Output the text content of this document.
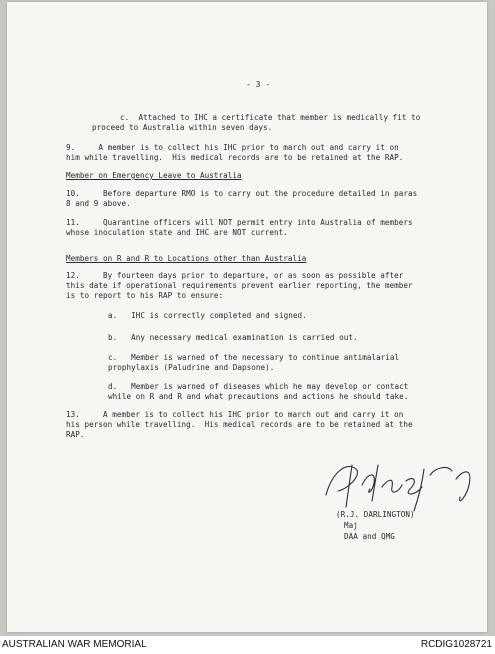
- 3 -
c.  Attached to IHC a certificate that member is medically fit to
proceed to Australia within seven days.
9.     A member is to collect his IHC prior to march out and carry it on
him while travelling.  His medical records are to be retained at the RAP.
Member on Emergency Leave to Australia
10.     Before departure RMO is to carry out the procedure detailed in paras
8 and 9 above.
11.     Quarantine officers will NOT permit entry into Australia of members
whose inoculation state and IHC are NOT current.
Members on R and R to Locations other than Australia
12.     By fourteen days prior to departure, or as soon as possible after
this date if operational requirements prevent earlier reporting, the member
is to report to his RAP to ensure:
a.   IHC is correctly completed and signed.
b.   Any necessary medical examination is carried out.
c.   Member is warned of the necessary to continue antimalarial
prophylaxis (Paludrine and Dapsone).
d.   Member is warned of diseases which he may develop or contact
while on R and R and what precautions and actions he should take.
13.     A member is to collect his IHC prior to march out and carry it on
his person while travelling.  His medical records are to be retained at the
RAP.
(R.J. DARLINGTON)
Maj
DAA and QMG
AUSTRALIAN WAR MEMORIAL	RCDIG1028721
